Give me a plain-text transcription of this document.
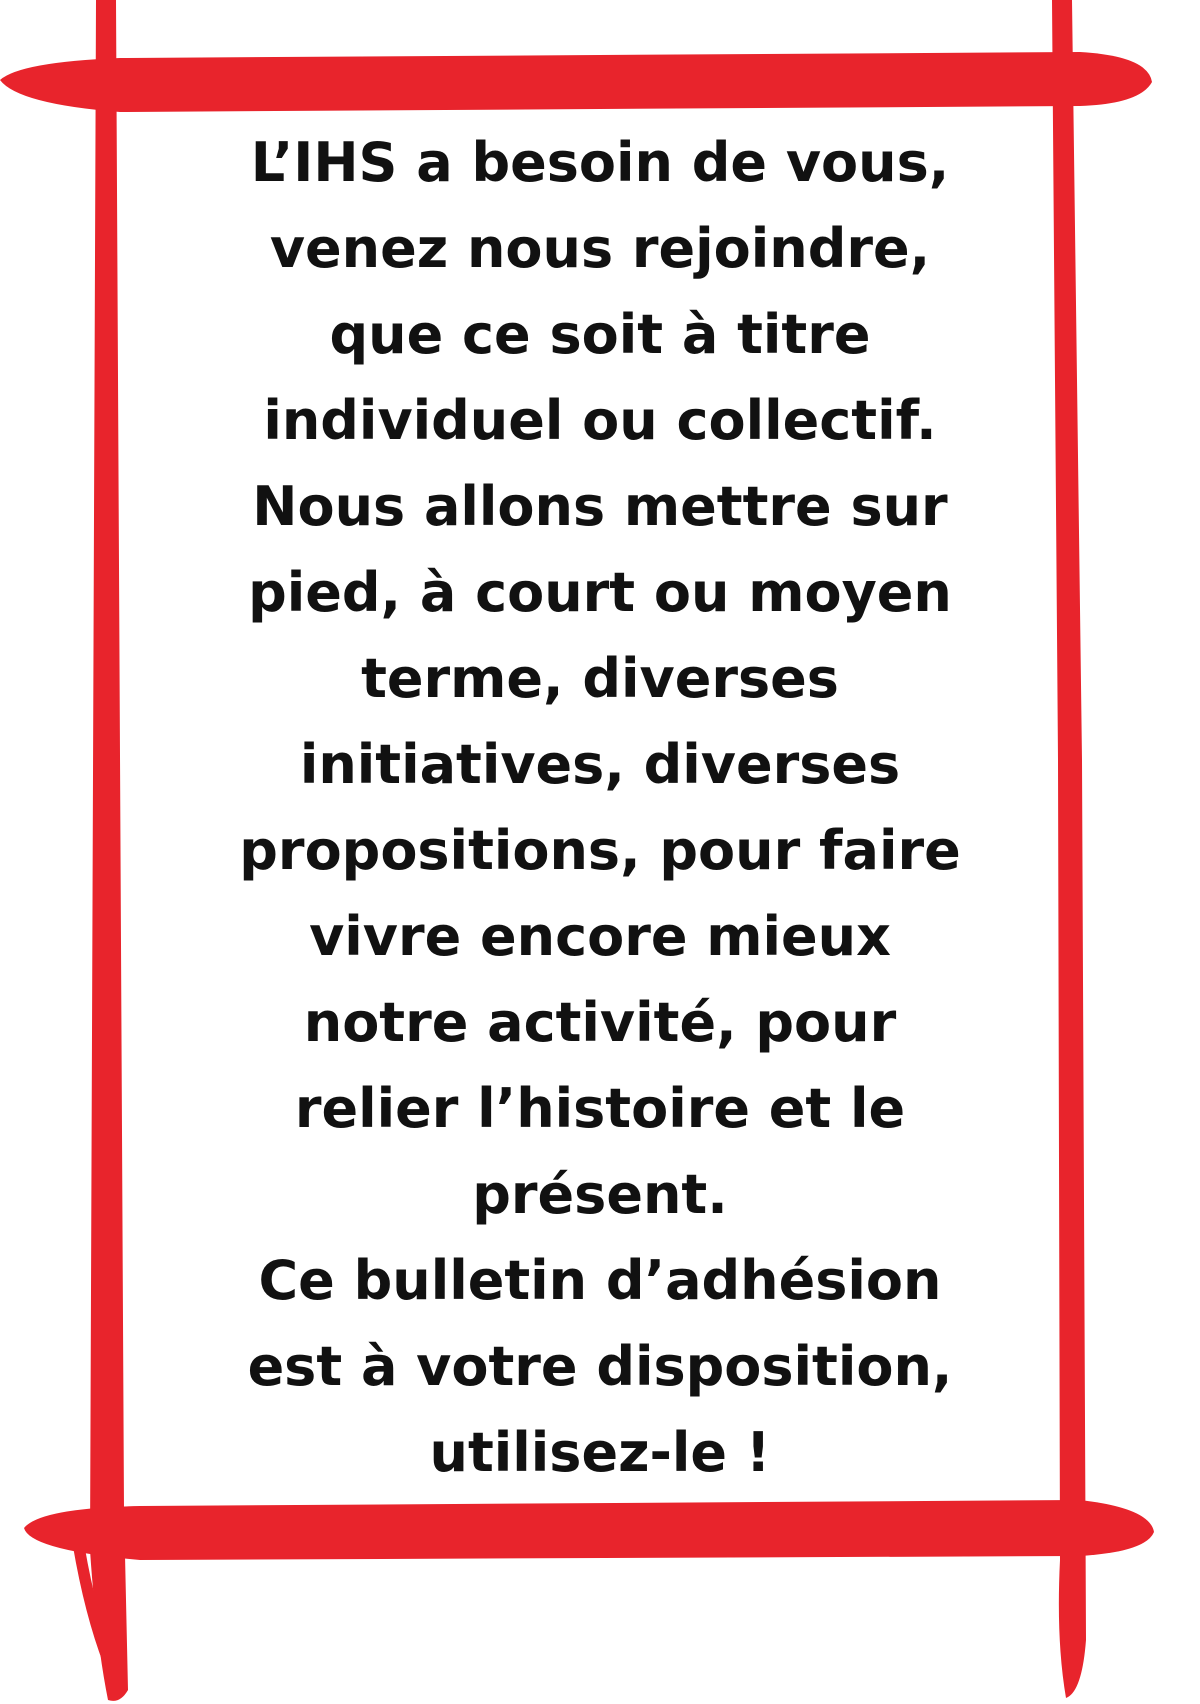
L’IHS a besoin de vous,
venez nous rejoindre,
que ce soit à titre
individuel ou collectif.
Nous allons mettre sur
pied, à court ou moyen
terme, diverses
initiatives, diverses
propositions, pour faire
vivre encore mieux
notre activité, pour
relier l’histoire et le
présent.
Ce bulletin d’adhésion
est à votre disposition,
utilisez-le !
